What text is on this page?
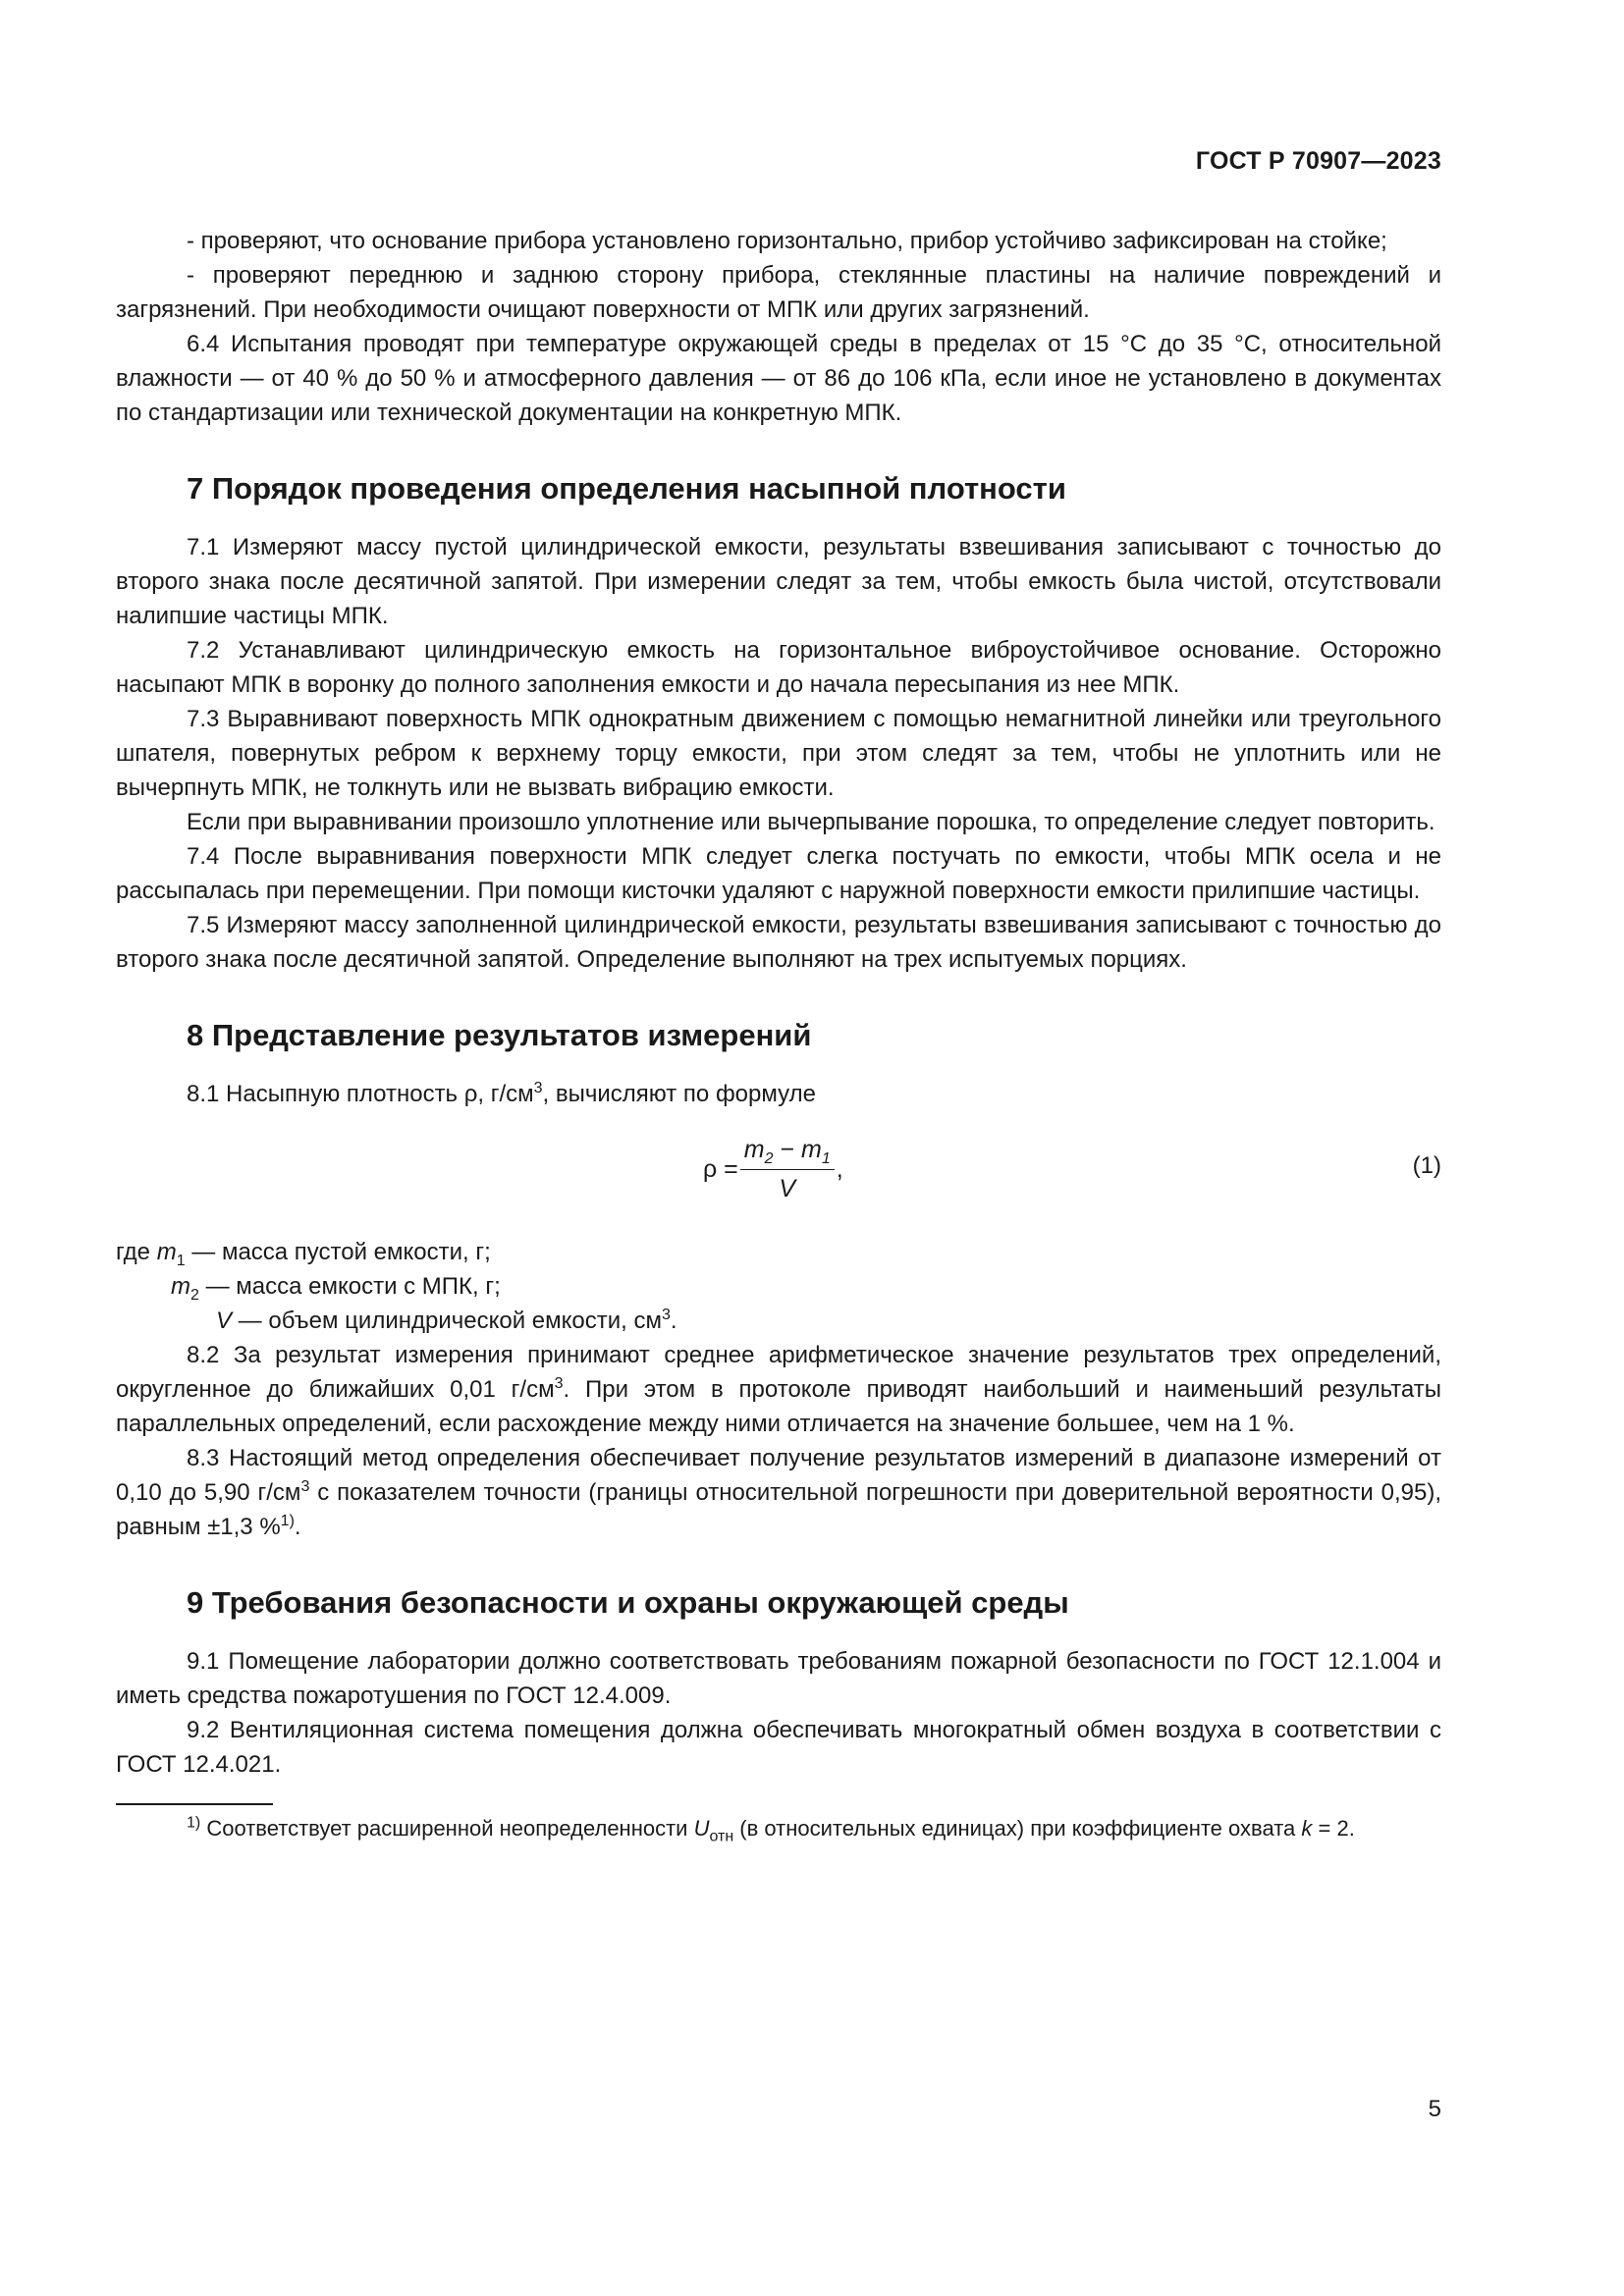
ГОСТ Р 70907—2023

- проверяют, что основание прибора установлено горизонтально, прибор устойчиво зафиксирован на стойке;

- проверяют переднюю и заднюю сторону прибора, стеклянные пластины на наличие повреждений и загрязнений. При необходимости очищают поверхности от МПК или других загрязнений.

6.4 Испытания проводят при температуре окружающей среды в пределах от 15 °C до 35 °C, относительной влажности — от 40 % до 50 % и атмосферного давления — от 86 до 106 кПа, если иное не установлено в документах по стандартизации или технической документации на конкретную МПК.

7 Порядок проведения определения насыпной плотности

7.1 Измеряют массу пустой цилиндрической емкости, результаты взвешивания записывают с точностью до второго знака после десятичной запятой. При измерении следят за тем, чтобы емкость была чистой, отсутствовали налипшие частицы МПК.

7.2 Устанавливают цилиндрическую емкость на горизонтальное виброустойчивое основание. Осторожно насыпают МПК в воронку до полного заполнения емкости и до начала пересыпания из нее МПК.

7.3 Выравнивают поверхность МПК однократным движением с помощью немагнитной линейки или треугольного шпателя, повернутых ребром к верхнему торцу емкости, при этом следят за тем, чтобы не уплотнить или не вычерпнуть МПК, не толкнуть или не вызвать вибрацию емкости.

Если при выравнивании произошло уплотнение или вычерпывание порошка, то определение следует повторить.

7.4 После выравнивания поверхности МПК следует слегка постучать по емкости, чтобы МПК осела и не рассыпалась при перемещении. При помощи кисточки удаляют с наружной поверхности емкости прилипшие частицы.

7.5 Измеряют массу заполненной цилиндрической емкости, результаты взвешивания записывают с точностью до второго знака после десятичной запятой. Определение выполняют на трех испытуемых порциях.

8 Представление результатов измерений

8.1 Насыпную плотность ρ, $г/см^3$, вычисляют по формуле

$\rho = \frac{m_2 - m_1}{V}$ ,	(1)

где $m_1$ — масса пустой емкости, г;

$m_2$ — масса емкости с МПК, г;

V — объем цилиндрической емкости, $см^3$.

8.2 За результат измерения принимают среднее арифметическое значение результатов трех определений, округленное до ближайших 0,01 $г/см^3$. При этом в протоколе приводят наибольший и наименьший результаты параллельных определений, если расхождение между ними отличается на значение большее, чем на 1 %.

8.3 Настоящий метод определения обеспечивает получение результатов измерений в диапазоне измерений от 0,10 до 5,90 $г/см^3$ с показателем точности (границы относительной погрешности при доверительной вероятности 0,95), равным ±1,3 %$^{1)}$.

9 Требования безопасности и охраны окружающей среды

9.1 Помещение лаборатории должно соответствовать требованиям пожарной безопасности по ГОСТ 12.1.004 и иметь средства пожаротушения по ГОСТ 12.4.009.

9.2 Вентиляционная система помещения должна обеспечивать многократный обмен воздуха в соответствии с ГОСТ 12.4.021.

$^{1)}$ Соответствует расширенной неопределенности $U_{отн}$ (в относительных единицах) при коэффициенте охвата k = 2.

5
